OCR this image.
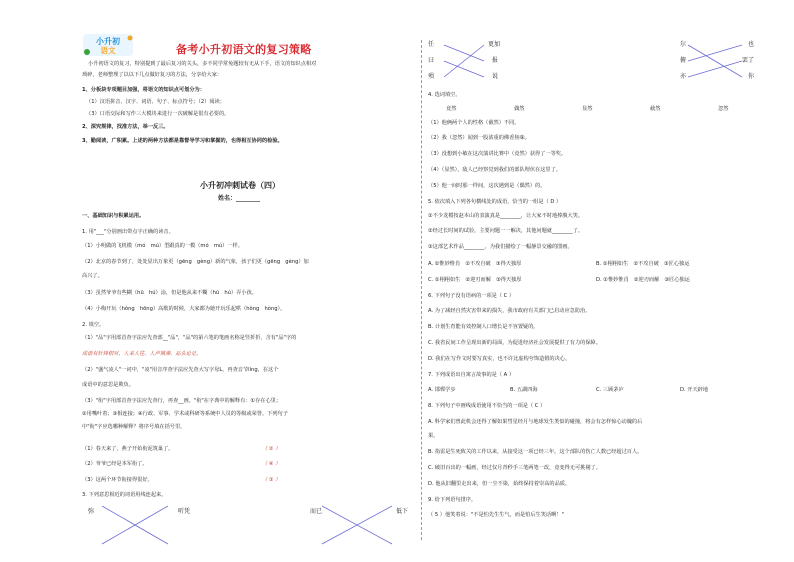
小升初
语文	备考小升初语文的复习策略
小升初语文的复习，特别提到了最后复习的关头，多不同学常免题较有无从下手，语文的知识点相对
琐碎，老师整理了以以下几点做好复习的方法，分享给大家：
1、分板块专项题目加强，将语文的知识点可划分为：
（1）汉语拼音、汉字、词语、句子、标点符号；（2）阅读；
（3）口语交际和写作三大模块来进行一次破解是很有必要的。
2、深究规律，找准方法，举一反三。
3、勤阅读，广积累。上述的两种方法都是靠督导学习和掌握的，也得相互协同的检验。
小升初冲刺试卷（四）
姓名：________
一、基础知识与积累运用。
1. 用"___"分别画出带点字正确的读音。
（1）小明做的飞机模（mó　mú）型跟真的一模（mó　mú）一样。
（2）北京的春节到了，处处显出万象更（gēng　gèng）新的气象，孩子们更（gēng　gèng）加
高兴了。
（3）虽然爷爷有些糊（hū　hú）涂，但是他从来不糊（hū　hú）弄小孩。
（4）小梅开玩（hǒng　hōng）高歌的时候，大家都为她开玩乐起哄（hǒng　hòng）。
2. 填空。
（1）"品"字用部首查字法应先查部__"品"，"品"的第六笔的笔画名称是竖折折，含有"品"字的
成语有针锋相对、人来人往、人声鼎沸、品头论足。
（2）"盛气凌人"一词中，"凌"用音序查字法应先查大写字母L，再查音节líng，在这个
成语中的意思是欺负。
（3）"衔"字用部首查字法应先查行，再查__画。"衔"在字典中的解释有：①存在心里；
②用嘴叶着；③相连接；④行政、军事、学术或科研等系统中人员的等级或荣誉。下列句子
中"衔"字应选哪种解释？将序号填在括号里。
（1）春天来了，燕子开始衔泥筑巢了。	（ ② ）
（2）爷爷已经是本军衔了。	（ ④ ）
（3）这两个环节衔接得很好。	（ ③ ）
3. 下列意思相近的词语用线连起来。
弥	听凭	而已	低下
任
曰
殒
更加
报
说
尔
俯
亦
也
罢了
你
4. 选词填空。
竟然	偶然	显然	截然	忽然
（1）他俩两个人的性格（截然）不同。
（2）我（忽然）闻到一股浓重的佛香焦味。
（3）没想到小敏在这次演讲比赛中（竟然）获得了一等奖。
（4）（显然），敌人已经察觉到我们的部队埋伏在这里了。
（5）他一间时那一样间，这次遇到是（偶然）的。
5. 依次填入下列各句横线处的成语，恰当的一组是（ D ）
①不少龙模按赵本山的表演真是________，让大家不时地捧腹大笑。
②经过长时间的试验，主要问题一一解决，其他问题就________了。
③这部艺术作品________，为我们描绘了一幅静景交融的图画。
A. ①惟妙惟肖　②不攻自破　③得天独厚	B. ①栩栩如生　②不攻自破　③匠心独运
C. ①栩栩如生　②迎刃而解　③得天独厚	D. ①惟妙惟肖　②迎刃而解　③匠心独运
6. 下列句子没有语病的一项是（ C ）
A. 为了减轻自然灾害带来的损失，我市政府有关部门已启动应急防治。
B. 计划生育能有效控制人口增长是不容置疑的。
C. 我省民间工作呈现出新的局面，为促进经济社会发展提供了有力的保障。
D. 我们在写作文时要写真实，也不许比虚构夸饰造假的决心。
7. 下列成语出自寓言故事的是（ A ）
A. 邯郸学步	B. 五湖四海	C. 三顾茅庐	D. 开天辟地
8. 下列句子中画线成语使用不恰当的一项是（ C ）
A. 科学家们曾此机会还得了解如果彗星经月与地球发生类似的碰撞，将会有怎样惊心动魄的后
果。
B. 指雷是生死攸关的工作以来，从接受这一项已经三年。这个部队的伤亡人数已经超过百人。
C. 破旧百出的一幅画，经过仅月青秒手三笔两笔一改，竟变得无可挑剔了。
D. 他从旧翻里走出来，但一尘不染，始终保持着崇高的品质。
9. 给下列语句排序。
（ 5 ）他笑着说："不是怕先生生气，而是怕后生笑话啊！"
